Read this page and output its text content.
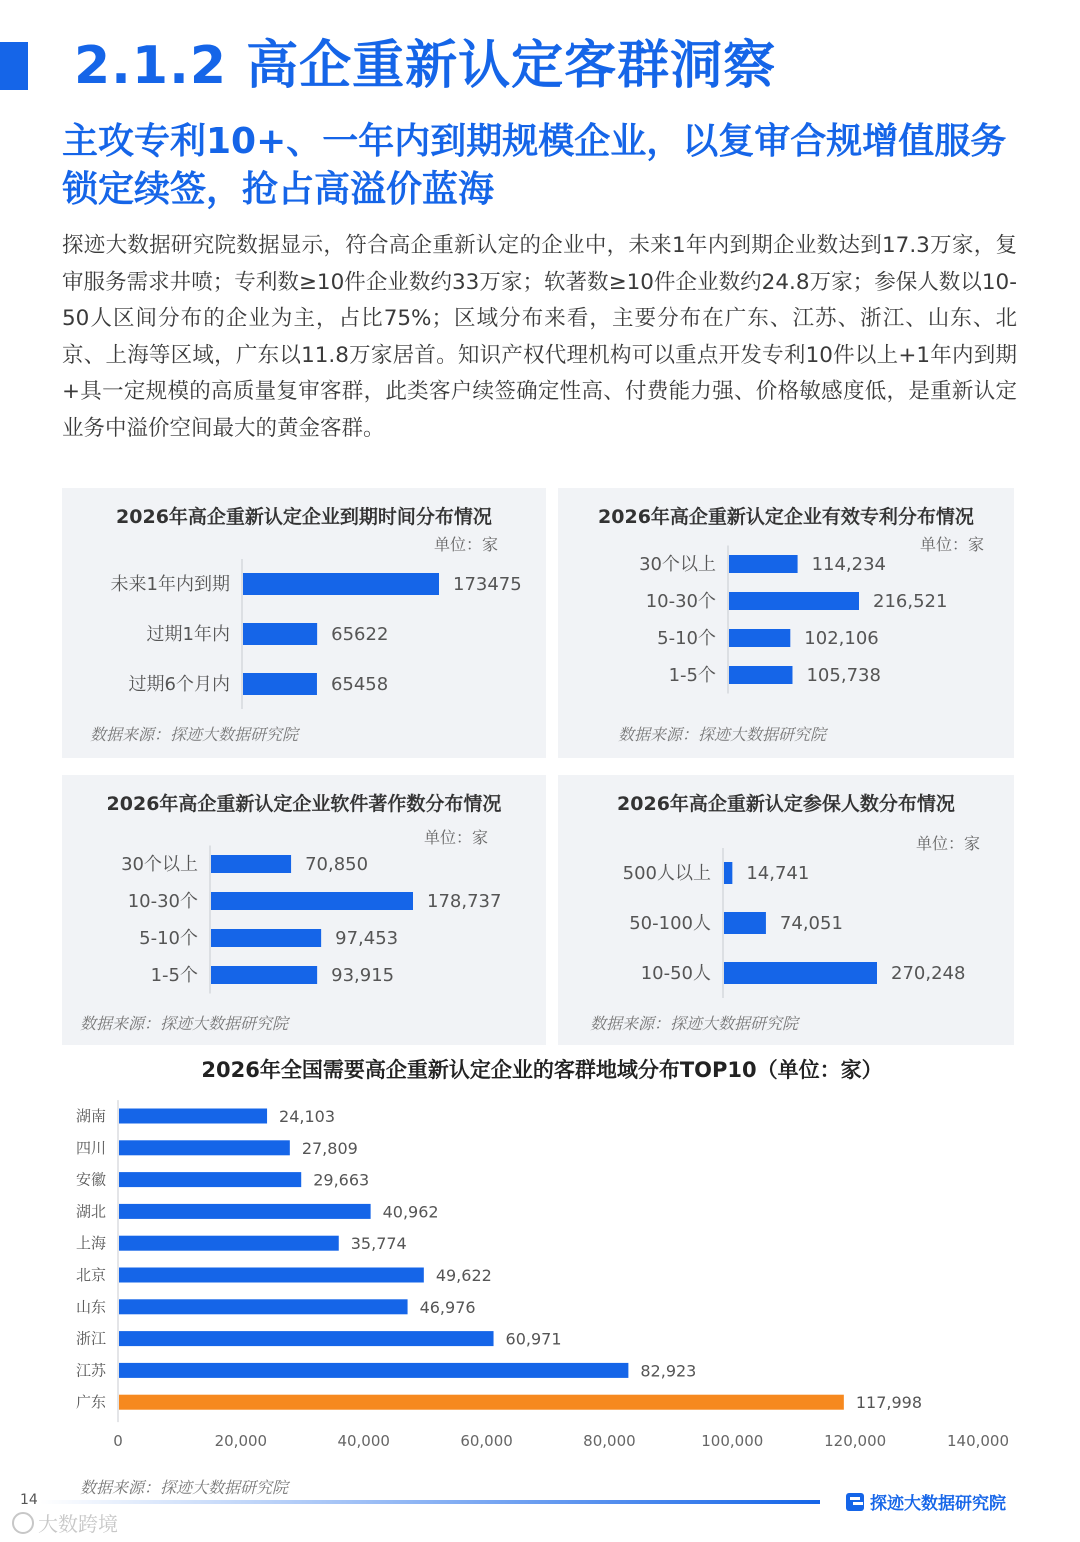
2.1.2 高企重新认定客群洞察
主攻专利10+、一年内到期规模企业，以复审合规增值服务锁定续签，抢占高溢价蓝海

探迹大数据研究院数据显示，符合高企重新认定的企业中，未来1年内到期企业数达到17.3万家，复审服务需求井喷；专利数≥10件企业数约33万家；软著数≥10件企业数约24.8万家；参保人数以10-50人区间分布的企业为主，占比75%；区域分布来看，主要分布在广东、江苏、浙江、山东、北京、上海等区域，广东以11.8万家居首。知识产权代理机构可以重点开发专利10件以上+1年内到期+具一定规模的高质量复审客群，此类客户续签确定性高、付费能力强、价格敏感度低，是重新认定业务中溢价空间最大的黄金客群。

2026年高企重新认定企业到期时间分布情况
单位：家
未来1年内到期	173475
过期1年内	65622
过期6个月内	65458
数据来源：探迹大数据研究院
2026年高企重新认定企业有效专利分布情况
单位：家
30个以上	114,234
10-30个	216,521
5-10个	102,106
1-5个	105,738
数据来源：探迹大数据研究院
2026年高企重新认定企业软件著作数分布情况
单位：家
30个以上	70,850
10-30个	178,737
5-10个	97,453
1-5个	93,915
数据来源：探迹大数据研究院
2026年高企重新认定参保人数分布情况
单位：家
500人以上 14,741
50-100人	74,051
10-50人	270,248
数据来源：探迹大数据研究院
2026年全国需要高企重新认定企业的客群地域分布TOP10（单位：家）
湖南	24,103
四川	27,809
安徽	29,663
湖北	40,962
上海	35,774
北京	49,622
山东	46,976
浙江	60,971
江苏	82,923
广东	117,998
0	20,000	40,000	60,000	80,000	100,000	120,000	140,000
数据来源：探迹大数据研究院
14	探迹大数据研究院
大数跨境
